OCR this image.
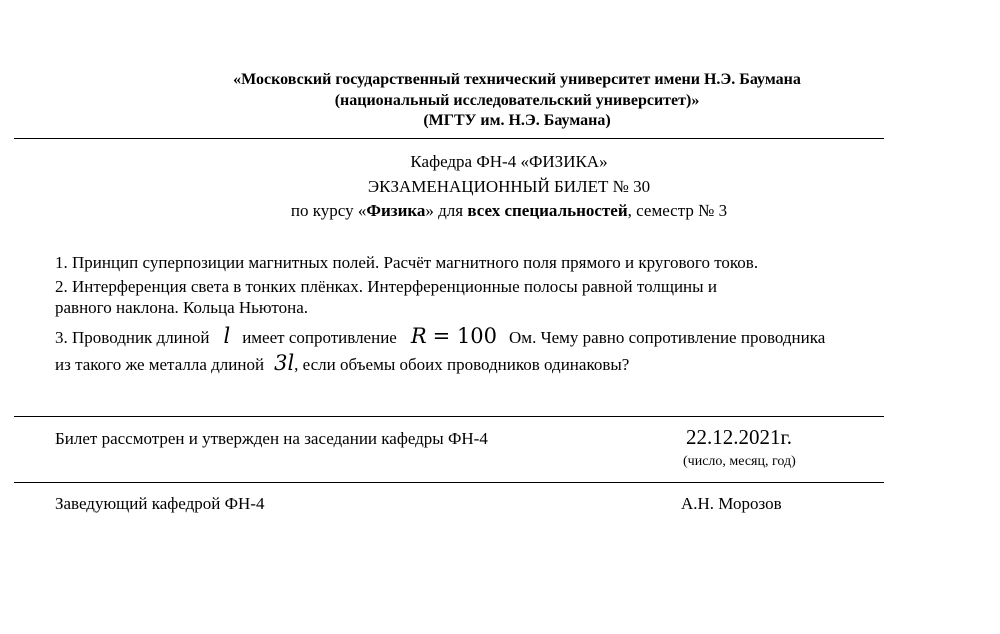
«Московский государственный технический университет имени Н.Э. Баумана
(национальный исследовательский университет)»
(МГТУ им. Н.Э. Баумана)
Кафедра ФН-4 «ФИЗИКА»
ЭКЗАМЕНАЦИОННЫЙ БИЛЕТ № 30
по курсу «Физика» для всех специальностей, семестр № 3
1. Принцип суперпозиции магнитных полей. Расчёт магнитного поля прямого и кругового токов.
2. Интерференция света в тонких плёнках. Интерференционные полосы равной толщины и
равного наклона. Кольца Ньютона.
3. Проводник длиной l имеет сопротивление R = 100 Ом. Чему равно сопротивление проводника
из такого же металла длиной 3l, если объемы обоих проводников одинаковы?
Билет рассмотрен и утвержден на заседании кафедры ФН-4	22.12.2021г.
(число, месяц, год)
Заведующий кафедрой ФН-4	А.Н. Морозов
